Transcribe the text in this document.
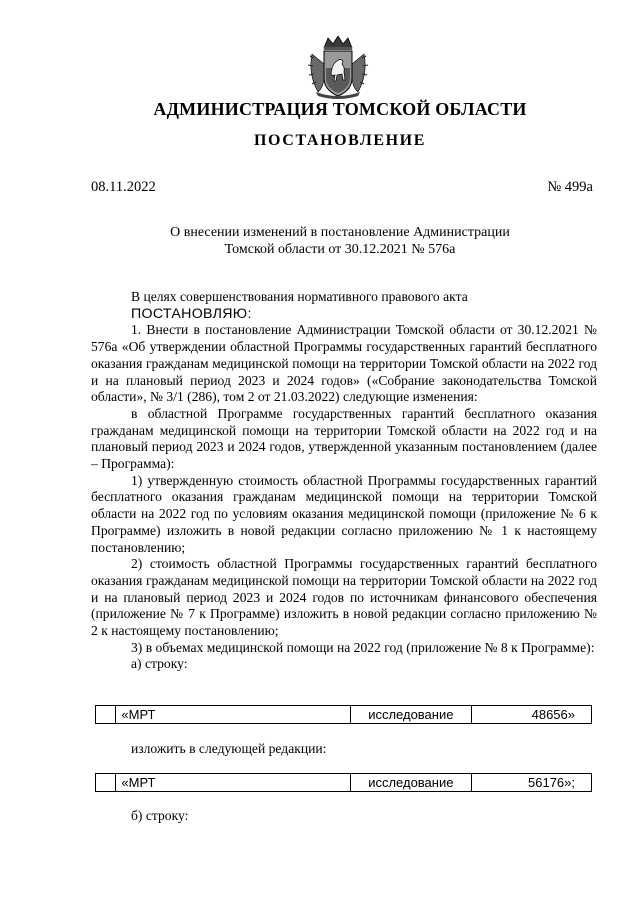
АДМИНИСТРАЦИЯ ТОМСКОЙ ОБЛАСТИ
ПОСТАНОВЛЕНИЕ
08.11.2022	№ 499а
О внесении изменений в постановление Администрации
Томской области от 30.12.2021 № 576а

В целях совершенствования нормативного правового акта

ПОСТАНОВЛЯЮ:

1. Внести в постановление Администрации Томской области от 30.12.2021 № 576а «Об утверждении областной Программы государственных гарантий бесплатного оказания гражданам медицинской помощи на территории Томской области на 2022 год и на плановый период 2023 и 2024 годов» («Собрание законодательства Томской области», № 3/1 (286), том 2 от 21.03.2022) следующие изменения:

в областной Программе государственных гарантий бесплатного оказания гражданам медицинской помощи на территории Томской области на 2022 год и на плановый период 2023 и 2024 годов, утвержденной указанным постановлением (далее – Программа):

1) утвержденную стоимость областной Программы государственных гарантий бесплатного оказания гражданам медицинской помощи на территории Томской области на 2022 год по условиям оказания медицинской помощи (приложение № 6 к Программе) изложить в новой редакции согласно приложению № 1 к настоящему постановлению;

2) стоимость областной Программы государственных гарантий бесплатного оказания гражданам медицинской помощи на территории Томской области на 2022 год и на плановый период 2023 и 2024 годов по источникам финансового обеспечения (приложение № 7 к Программе) изложить в новой редакции согласно приложению № 2 к настоящему постановлению;

3) в объемах медицинской помощи на 2022 год (приложение № 8 к Программе):

а) строку:

	«МРТ	исследование	48656»
изложить в следующей редакции:
	«МРТ	исследование	56176»;
б) строку:
